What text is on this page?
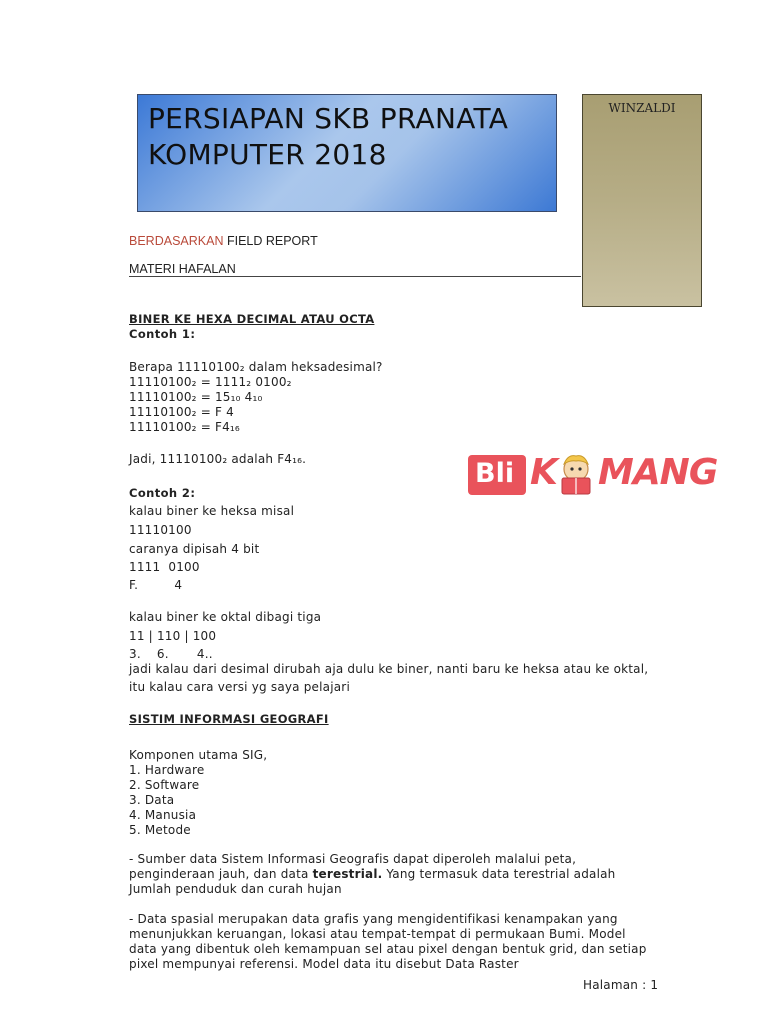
PERSIAPAN SKB PRANATA
KOMPUTER 2018
WINZALDI
BERDASARKAN FIELD REPORT
MATERI HAFALAN
BINER KE HEXA DECIMAL ATAU OCTA
Contoh 1:
Berapa 11110100₂ dalam heksadesimal?
11110100₂ = 1111₂ 0100₂
11110100₂ = 15₁₀ 4₁₀
11110100₂ = F 4
11110100₂ = F4₁₆
Jadi, 11110100₂ adalah F4₁₆.
Contoh 2:
kalau biner ke heksa misal
11110100
caranya dipisah 4 bit
1111  0100
F.         4
kalau biner ke oktal dibagi tiga
11 | 110 | 100
3.    6.       4..
jadi kalau dari desimal dirubah aja dulu ke biner, nanti baru ke heksa atau ke oktal,
itu kalau cara versi yg saya pelajari
Bli K MANG
SISTIM INFORMASI GEOGRAFI
Komponen utama SIG,
1. Hardware
2. Software
3. Data
4. Manusia
5. Metode
- Sumber data Sistem Informasi Geografis dapat diperoleh malalui peta,
penginderaan jauh, dan data terestrial. Yang termasuk data terestrial adalah
Jumlah penduduk dan curah hujan
- Data spasial merupakan data grafis yang mengidentifikasi kenampakan yang
menunjukkan keruangan, lokasi atau tempat-tempat di permukaan Bumi. Model
data yang dibentuk oleh kemampuan sel atau pixel dengan bentuk grid, dan setiap
pixel mempunyai referensi. Model data itu disebut Data Raster
Halaman : 1
